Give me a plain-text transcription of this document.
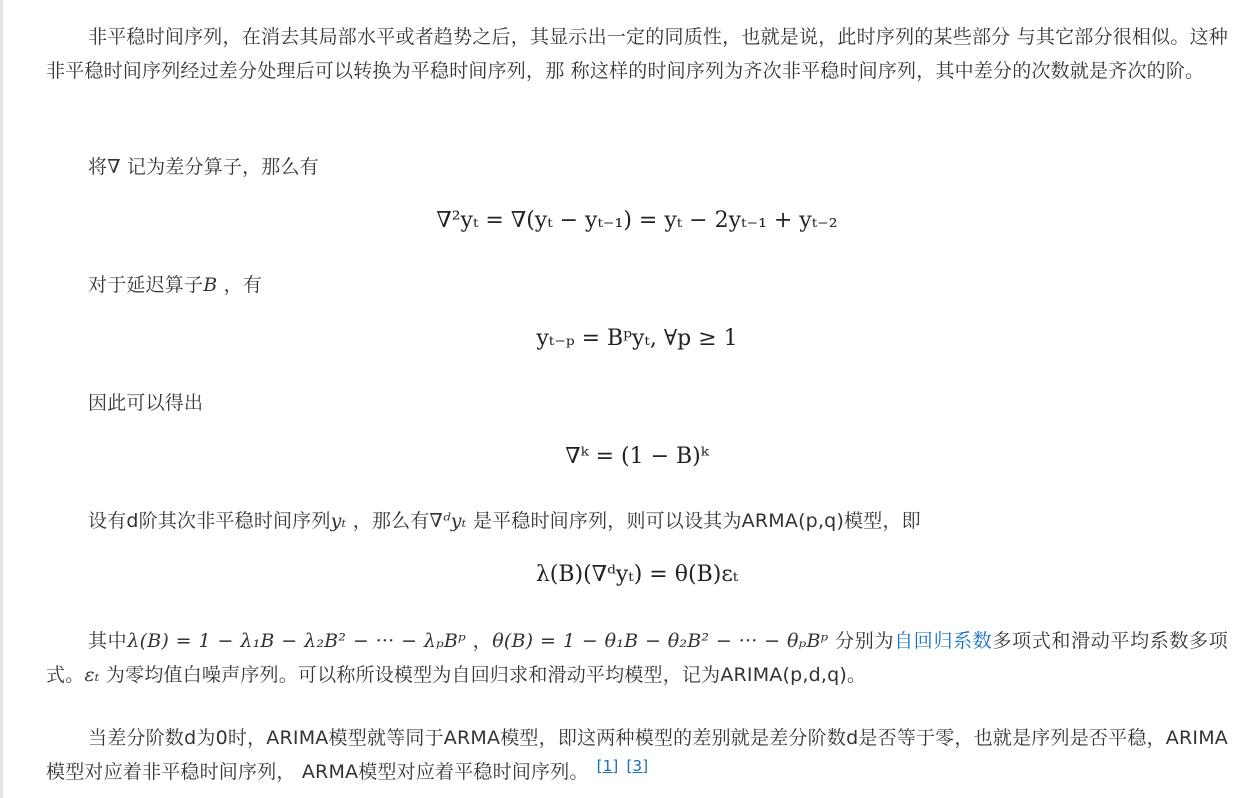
非平稳时间序列，在消去其局部水平或者趋势之后，其显示出一定的同质性，也就是说，此时序列的某些部分 与其它部分很相似。这种非平稳时间序列经过差分处理后可以转换为平稳时间序列，那 称这样的时间序列为齐次非平稳时间序列，其中差分的次数就是齐次的阶。

将∇ 记为差分算子，那么有

∇²yₜ = ∇(yₜ − yₜ₋₁) = yₜ − 2yₜ₋₁ + yₜ₋₂

对于延迟算子B ，有

yₜ₋ₚ = Bᵖyₜ, ∀p ≥ 1

因此可以得出

∇ᵏ = (1 − B)ᵏ

设有d阶其次非平稳时间序列yₜ ，那么有∇ᵈyₜ 是平稳时间序列，则可以设其为ARMA(p,q)模型，即

λ(B)(∇ᵈyₜ) = θ(B)εₜ

其中λ(B) = 1 − λ₁B − λ₂B² − ··· − λₚBᵖ ，θ(B) = 1 − θ₁B − θ₂B² − ··· − θₚBᵖ 分别为自回归系数多项式和滑动平均系数多项式。εₜ 为零均值白噪声序列。可以称所设模型为自回归求和滑动平均模型，记为ARIMA(p,d,q)。

当差分阶数d为0时，ARIMA模型就等同于ARMA模型，即这两种模型的差别就是差分阶数d是否等于零，也就是序列是否平稳，ARIMA模型对应着非平稳时间序列， ARMA模型对应着平稳时间序列。 [1] [3]
